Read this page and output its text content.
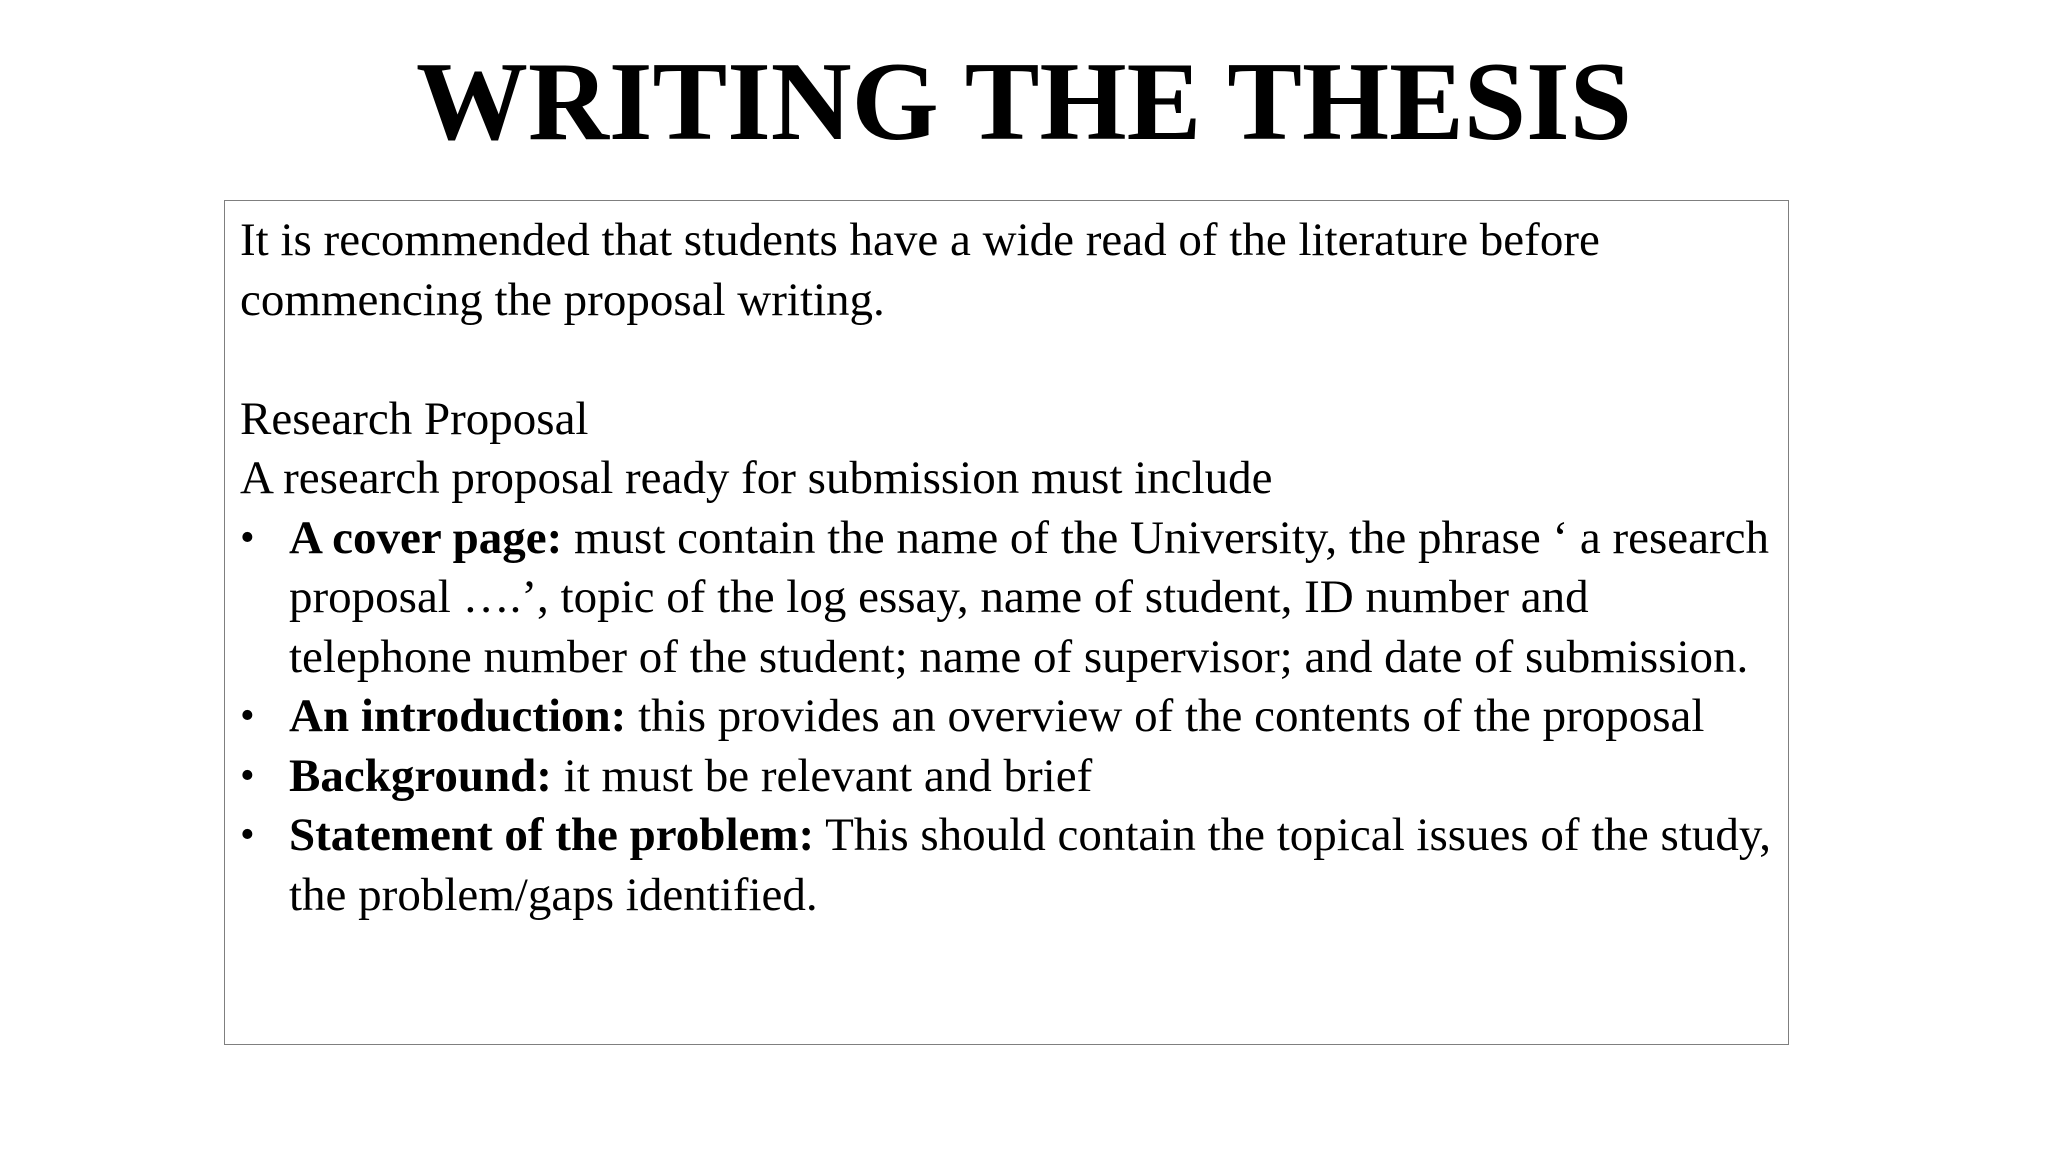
WRITING THE THESIS

It is recommended that students have a wide read of the literature before commencing the proposal writing.

Research Proposal

A research proposal ready for submission must include

• A cover page: must contain the name of the University, the phrase ‘ a research proposal ….’, topic of the log essay, name of student, ID number and telephone number of the student; name of supervisor; and date of submission.
• An introduction: this provides an overview of the contents of the proposal
• Background: it must be relevant and brief
• Statement of the problem: This should contain the topical issues of the study, the problem/gaps identified.
